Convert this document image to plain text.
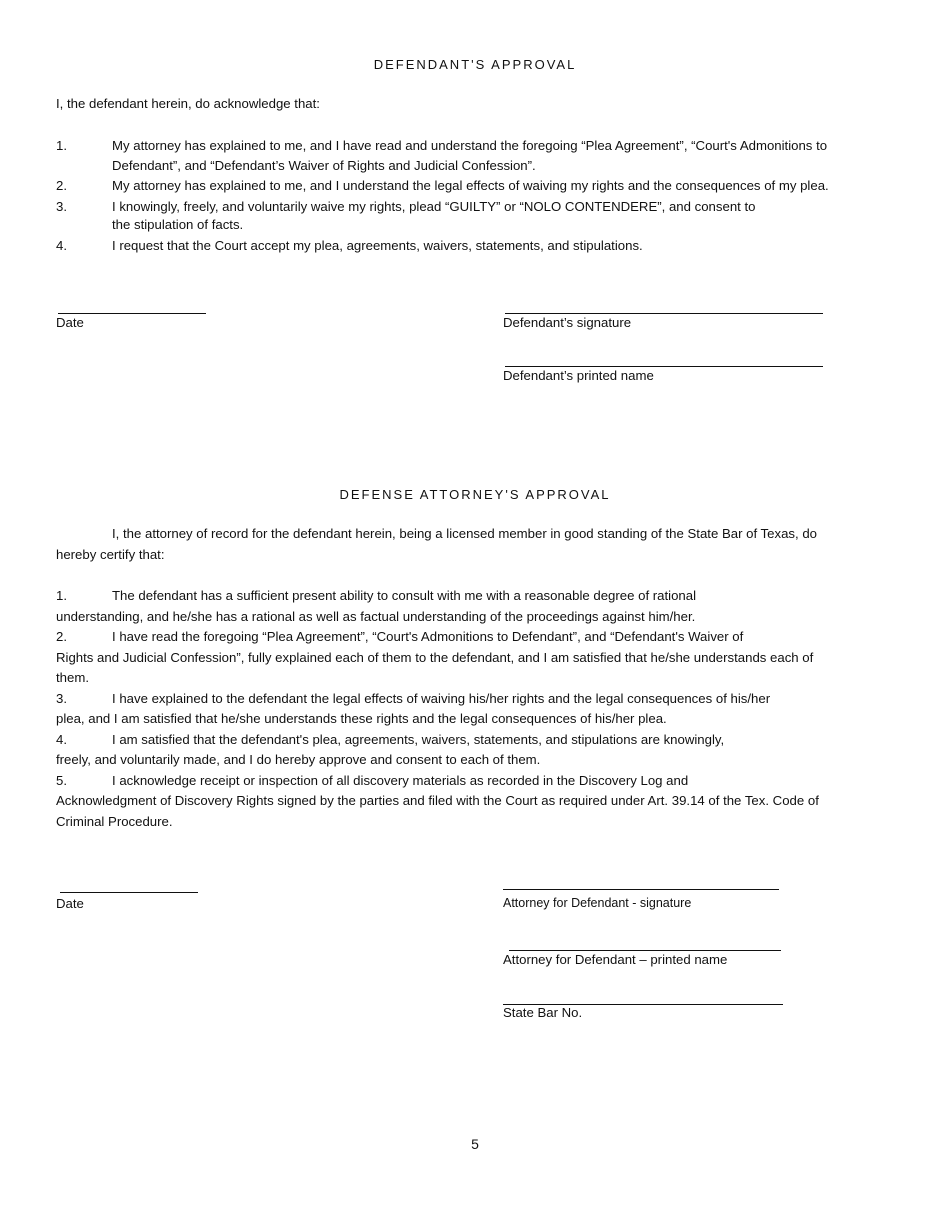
DEFENDANT'S APPROVAL
I, the defendant herein, do acknowledge that:
1.	My attorney has explained to me, and I have read and understand the foregoing “Plea Agreement”, “Court's Admonitions to
Defendant”, and “Defendant’s Waiver of Rights and Judicial Confession”.
2.	My attorney has explained to me, and I understand the legal effects of waiving my rights and the consequences of my plea.
3.	I knowingly, freely, and voluntarily waive my rights, plead “GUILTY” or “NOLO CONTENDERE”, and consent to
the stipulation of facts.
4.	I request that the Court accept my plea, agreements, waivers, statements, and stipulations.
Date	Defendant’s signature
Defendant’s printed name
DEFENSE ATTORNEY'S APPROVAL
I, the attorney of record for the defendant herein, being a licensed member in good standing of the State Bar of Texas, do
hereby certify that:
1.	The defendant has a sufficient present ability to consult with me with a reasonable degree of rational
understanding, and he/she has a rational as well as factual understanding of the proceedings against him/her.
2.	I have read the foregoing “Plea Agreement”, “Court's Admonitions to Defendant”, and “Defendant's Waiver of
Rights and Judicial Confession”, fully explained each of them to the defendant, and I am satisfied that he/she understands each of
them.
3.	I have explained to the defendant the legal effects of waiving his/her rights and the legal consequences of his/her
plea, and I am satisfied that he/she understands these rights and the legal consequences of his/her plea.
4.	I am satisfied that the defendant's plea, agreements, waivers, statements, and stipulations are knowingly,
freely, and voluntarily made, and I do hereby approve and consent to each of them.
5.	I acknowledge receipt or inspection of all discovery materials as recorded in the Discovery Log and
Acknowledgment of Discovery Rights signed by the parties and filed with the Court as required under Art. 39.14 of the Tex. Code of
Criminal Procedure.
Date	Attorney for Defendant - signature
Attorney for Defendant – printed name
State Bar No.
5
